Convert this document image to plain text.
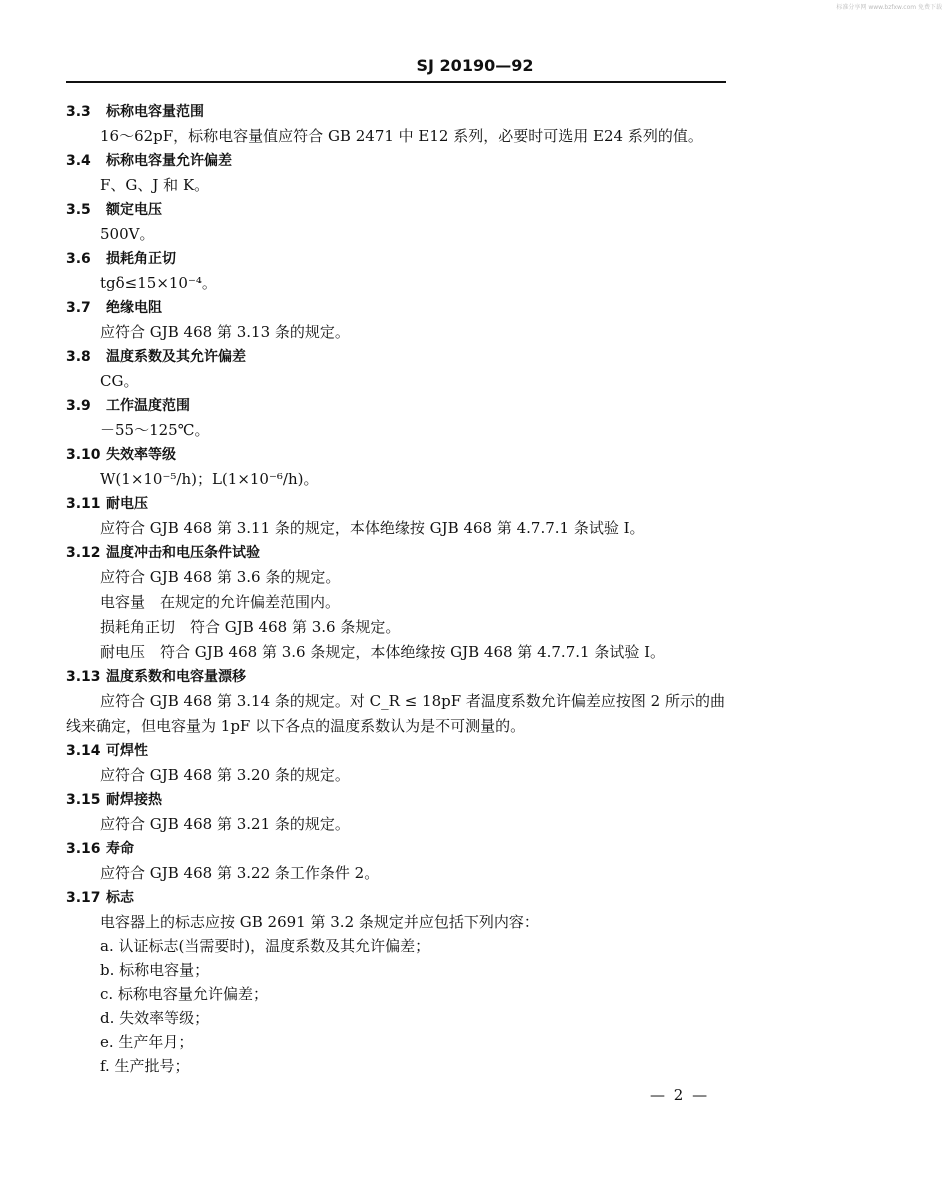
标准分享网 www.bzfxw.com 免费下载
SJ 20190—92
3.3 标称电容量范围
16～62pF，标称电容量值应符合 GB 2471 中 E12 系列，必要时可选用 E24 系列的值。
3.4 标称电容量允许偏差
F、G、J 和 K。
3.5 额定电压
500V。
3.6 损耗角正切
tgδ≤15×10⁻⁴。
3.7 绝缘电阻
应符合 GJB 468 第 3.13 条的规定。
3.8 温度系数及其允许偏差
CG。
3.9 工作温度范围
－55～125℃。
3.10 失效率等级
W(1×10⁻⁵/h)；L(1×10⁻⁶/h)。
3.11 耐电压
应符合 GJB 468 第 3.11 条的规定，本体绝缘按 GJB 468 第 4.7.7.1 条试验 Ⅰ。
3.12 温度冲击和电压条件试验
应符合 GJB 468 第 3.6 条的规定。
电容量　在规定的允许偏差范围内。
损耗角正切　符合 GJB 468 第 3.6 条规定。
耐电压　符合 GJB 468 第 3.6 条规定，本体绝缘按 GJB 468 第 4.7.7.1 条试验 Ⅰ。
3.13 温度系数和电容量漂移
应符合 GJB 468 第 3.14 条的规定。对 C_R ≤ 18pF 者温度系数允许偏差应按图 2 所示的曲
线来确定，但电容量为 1pF 以下各点的温度系数认为是不可测量的。
3.14 可焊性
应符合 GJB 468 第 3.20 条的规定。
3.15 耐焊接热
应符合 GJB 468 第 3.21 条的规定。
3.16 寿命
应符合 GJB 468 第 3.22 条工作条件 2。
3.17 标志
电容器上的标志应按 GB 2691 第 3.2 条规定并应包括下列内容：
a. 认证标志(当需要时)，温度系数及其允许偏差；
b. 标称电容量；
c. 标称电容量允许偏差；
d. 失效率等级；
e. 生产年月；
f. 生产批号；
— 2 —
